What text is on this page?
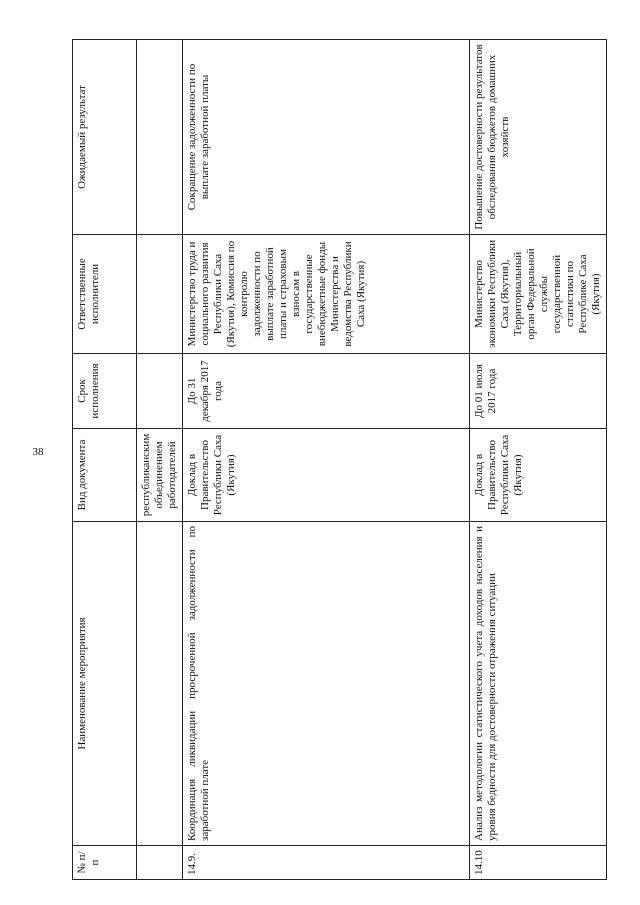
38
№ п/п	Наименование мероприятия	Вид документа	Срок исполнения	Ответственные исполнители	Ожидаемый результат
		республиканским объединением работодателей			
14.9.	Координация ликвидации просроченной задолженности по заработной плате	Доклад в Правительство Республики Саха (Якутия)	До 31 декабря 2017 года	Министерство труда и социального развития Республики Саха (Якутия), Комиссия по контролю задолженности по выплате заработной платы и страховым взносам в государственные внебюджетные фонды Министерства и ведомства Республики Саха (Якутия)	Сокращение задолженности по выплате заработной платы
14.10	Анализ методологии статистического учета доходов населения и уровня бедности для достоверности отражения ситуации	Доклад в Правительство Республики Саха (Якутия)	До 01 июля 2017 года	Министерство экономики Республики Саха (Якутия), Территориальный орган Федеральной службы государственной статистики по Республике Саха (Якутия)	Повышение достоверности результатов обследования бюджетов домашних хозяйств
